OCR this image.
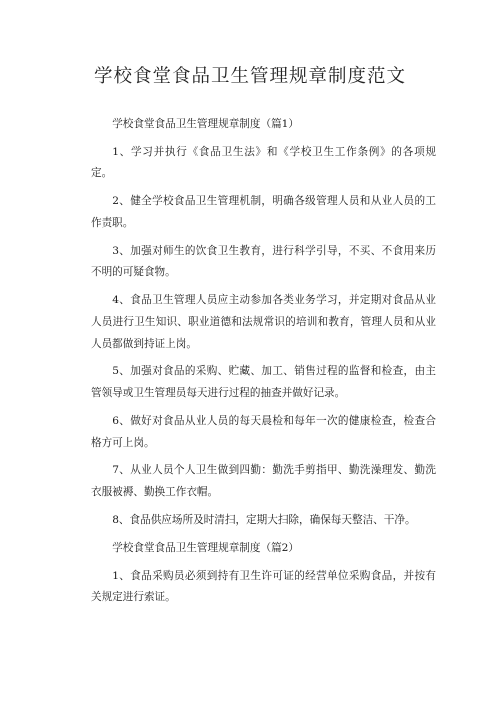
学校食堂食品卫生管理规章制度范文

学校食堂食品卫生管理规章制度（篇1）

1、学习并执行《食品卫生法》和《学校卫生工作条例》的各项规定。

2、健全学校食品卫生管理机制，明确各级管理人员和从业人员的工作责职。

3、加强对师生的饮食卫生教育，进行科学引导，不买、不食用来历不明的可疑食物。

4、食品卫生管理人员应主动参加各类业务学习，并定期对食品从业人员进行卫生知识、职业道德和法规常识的培训和教育，管理人员和从业人员都做到持证上岗。

5、加强对食品的采购、贮藏、加工、销售过程的监督和检查，由主管领导或卫生管理员每天进行过程的抽查并做好记录。

6、做好对食品从业人员的每天晨检和每年一次的健康检查，检查合格方可上岗。

7、从业人员个人卫生做到四勤：勤洗手剪指甲、勤洗澡理发、勤洗衣服被褥、勤换工作衣帽。

8、食品供应场所及时清扫，定期大扫除，确保每天整洁、干净。

学校食堂食品卫生管理规章制度（篇2）

1、食品采购员必须到持有卫生许可证的经营单位采购食品，并按有关规定进行索证。
